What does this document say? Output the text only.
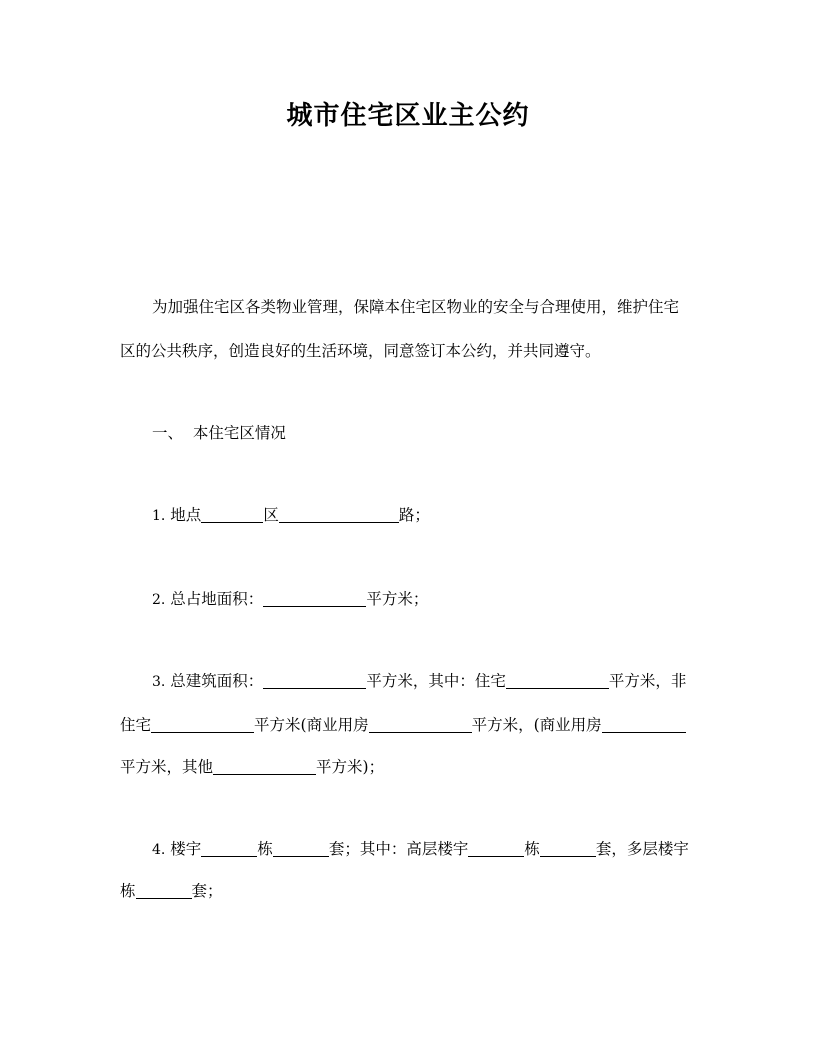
城市住宅区业主公约
为加强住宅区各类物业管理，保障本住宅区物业的安全与合理使用，维护住宅
区的公共秩序，创造良好的生活环境，同意签订本公约，并共同遵守。
一、  本住宅区情况
1. 地点	区	路；
2. 总占地面积：	平方米；
3. 总建筑面积：	平方米，其中：住宅	平方米，非
住宅	平方米(商业用房	平方米，(商业用房
平方米，其他	平方米)；
4. 楼宇	栋	套；其中：高层楼宇	栋	套，多层楼宇
栋	套；
